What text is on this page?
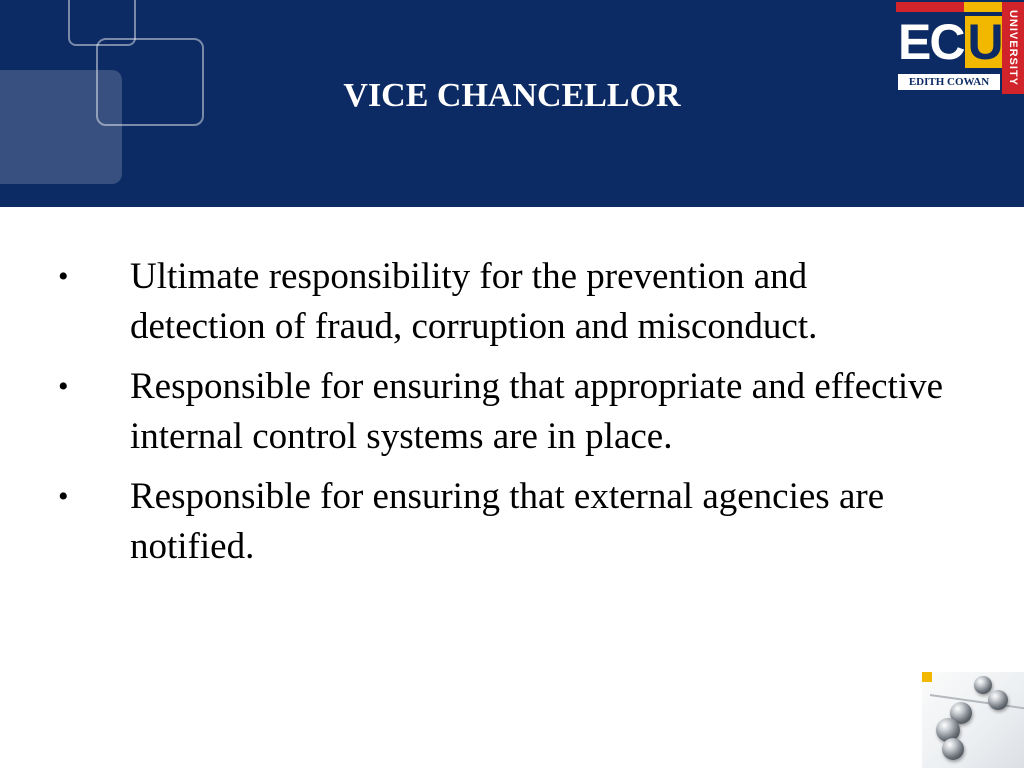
VICE CHANCELLOR
ECU
EDITH COWAN	UNIVERSITY
• Ultimate responsibility for the prevention and detection of fraud, corruption and misconduct.
• Responsible for ensuring that appropriate and effective internal control systems are in place.
• Responsible for ensuring that external agencies are notified.
